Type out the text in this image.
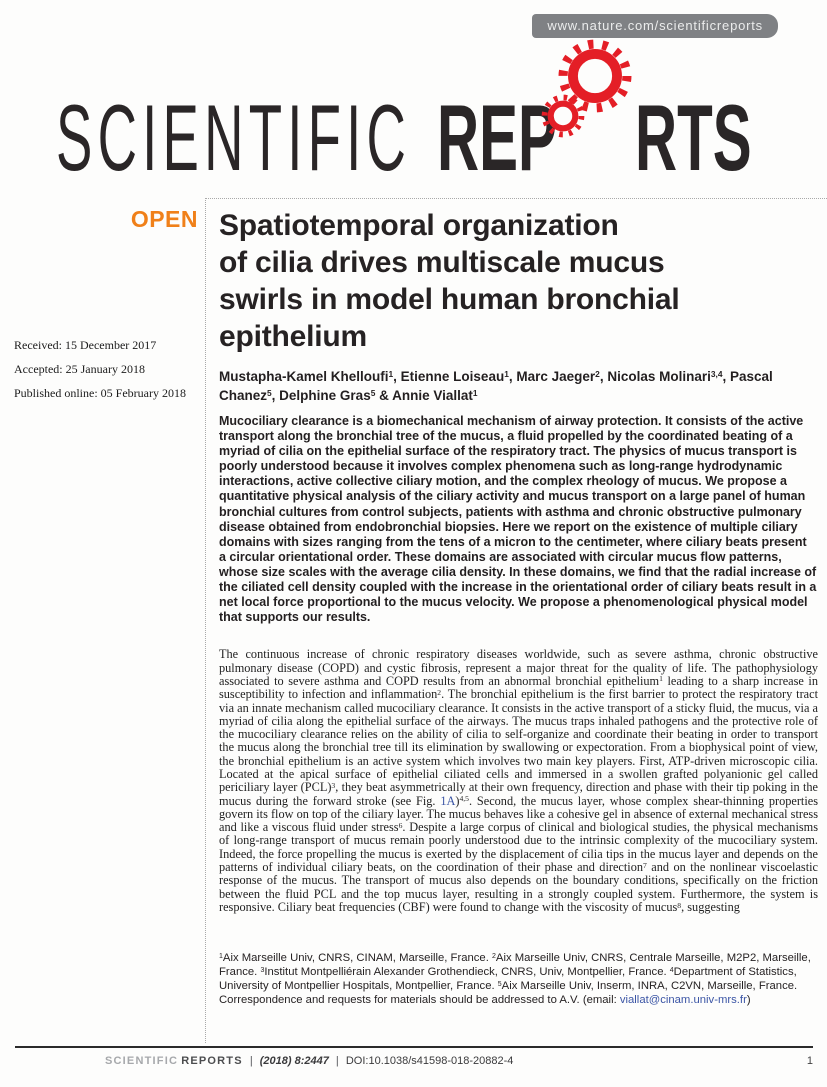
www.nature.com/scientificreports
SCIENTIFIC REP RTS
OPEN
Received: 15 December 2017
Accepted: 25 January 2018
Published online: 05 February 2018
Spatiotemporal organization
of cilia drives multiscale mucus
swirls in model human bronchial
epithelium
Mustapha-Kamel Khelloufi$^1$, Etienne Loiseau$^1$, Marc Jaeger$^2$, Nicolas Molinari$^{3,4}$, Pascal Chanez$^5$, Delphine Gras$^5$ & Annie Viallat$^1$
Mucociliary clearance is a biomechanical mechanism of airway protection. It consists of the active transport along the bronchial tree of the mucus, a fluid propelled by the coordinated beating of a myriad of cilia on the epithelial surface of the respiratory tract. The physics of mucus transport is poorly understood because it involves complex phenomena such as long-range hydrodynamic interactions, active collective ciliary motion, and the complex rheology of mucus. We propose a quantitative physical analysis of the ciliary activity and mucus transport on a large panel of human bronchial cultures from control subjects, patients with asthma and chronic obstructive pulmonary disease obtained from endobronchial biopsies. Here we report on the existence of multiple ciliary domains with sizes ranging from the tens of a micron to the centimeter, where ciliary beats present a circular orientational order. These domains are associated with circular mucus flow patterns, whose size scales with the average cilia density. In these domains, we find that the radial increase of the ciliated cell density coupled with the increase in the orientational order of ciliary beats result in a net local force proportional to the mucus velocity. We propose a phenomenological physical model that supports our results.
The continuous increase of chronic respiratory diseases worldwide, such as severe asthma, chronic obstructive pulmonary disease (COPD) and cystic fibrosis, represent a major threat for the quality of life. The pathophysiology associated to severe asthma and COPD results from an abnormal bronchial epithelium$^1$ leading to a sharp increase in susceptibility to infection and inflammation$^2$. The bronchial epithelium is the first barrier to protect the respiratory tract via an innate mechanism called mucociliary clearance. It consists in the active transport of a sticky fluid, the mucus, via a myriad of cilia along the epithelial surface of the airways. The mucus traps inhaled pathogens and the protective role of the mucociliary clearance relies on the ability of cilia to self-organize and coordinate their beating in order to transport the mucus along the bronchial tree till its elimination by swallowing or expectoration. From a biophysical point of view, the bronchial epithelium is an active system which involves two main key players. First, ATP-driven microscopic cilia. Located at the apical surface of epithelial ciliated cells and immersed in a swollen grafted polyanionic gel called periciliary layer (PCL)$^3$, they beat asymmetrically at their own frequency, direction and phase with their tip poking in the mucus during the forward stroke (see Fig. 1A)$^{4,5}$. Second, the mucus layer, whose complex shear-thinning properties govern its flow on top of the ciliary layer. The mucus behaves like a cohesive gel in absence of external mechanical stress and like a viscous fluid under stress$^6$. Despite a large corpus of clinical and biological studies, the physical mechanisms of long-range transport of mucus remain poorly understood due to the intrinsic complexity of the mucociliary system. Indeed, the force propelling the mucus is exerted by the displacement of cilia tips in the mucus layer and depends on the patterns of individual ciliary beats, on the coordination of their phase and direction$^7$ and on the nonlinear viscoelastic response of the mucus. The transport of mucus also depends on the boundary conditions, specifically on the friction between the fluid PCL and the top mucus layer, resulting in a strongly coupled system. Furthermore, the system is responsive. Ciliary beat frequencies (CBF) were found to change with the viscosity of mucus$^8$, suggesting
$^1$Aix Marseille Univ, CNRS, CINAM, Marseille, France. $^2$Aix Marseille Univ, CNRS, Centrale Marseille, M2P2, Marseille, France. $^3$Institut Montpelliérain Alexander Grothendieck, CNRS, Univ, Montpellier, France. $^4$Department of Statistics, University of Montpellier Hospitals, Montpellier, France. $^5$Aix Marseille Univ, Inserm, INRA, C2VN, Marseille, France. Correspondence and requests for materials should be addressed to A.V. (email: viallat@cinam.univ-mrs.fr)
SCIENTIFIC REPORTS | (2018) 8:2447 | DOI:10.1038/s41598-018-20882-4	1
